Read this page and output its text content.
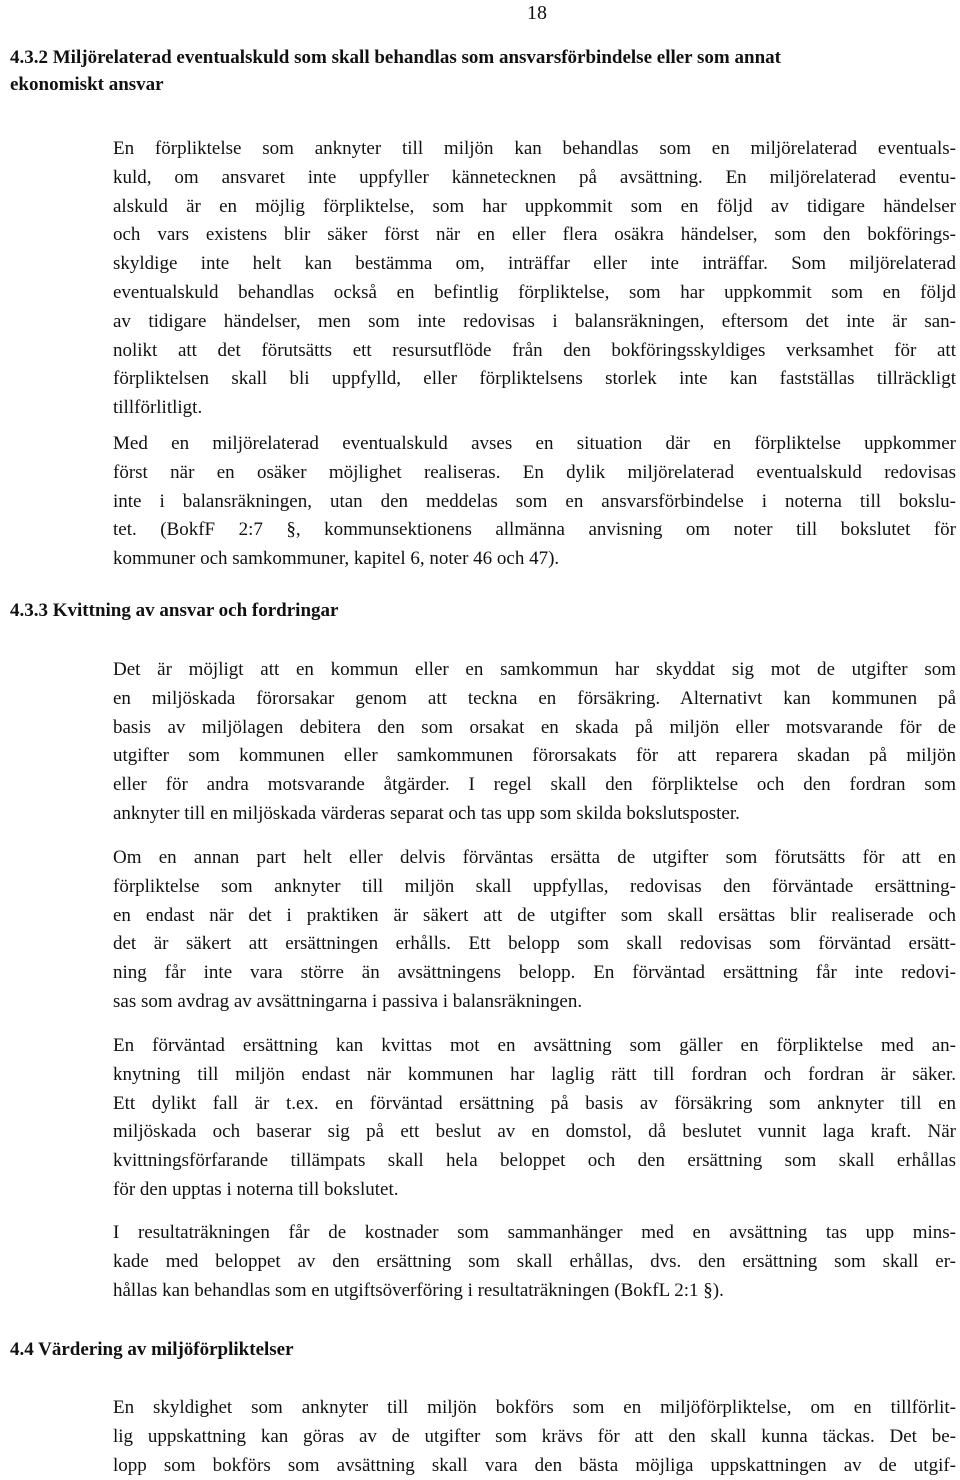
18
4.3.2 Miljörelaterad eventualskuld som skall behandlas som ansvarsförbindelse eller som annat
ekonomiskt ansvar
En förpliktelse som anknyter till miljön kan behandlas som en miljörelaterad eventuals-
kuld, om ansvaret inte uppfyller kännetecknen på avsättning. En miljörelaterad eventu-
alskuld är en möjlig förpliktelse, som har uppkommit som en följd av tidigare händelser
och vars existens blir säker först när en eller flera osäkra händelser, som den bokförings-
skyldige inte helt kan bestämma om, inträffar eller inte inträffar. Som miljörelaterad
eventualskuld behandlas också en befintlig förpliktelse, som har uppkommit som en följd
av tidigare händelser, men som inte redovisas i balansräkningen, eftersom det inte är san-
nolikt att det förutsätts ett resursutflöde från den bokföringsskyldiges verksamhet för att
förpliktelsen skall bli uppfylld, eller förpliktelsens storlek inte kan fastställas tillräckligt
tillförlitligt.
Med en miljörelaterad eventualskuld avses en situation där en förpliktelse uppkommer
först när en osäker möjlighet realiseras. En dylik miljörelaterad eventualskuld redovisas
inte i balansräkningen, utan den meddelas som en ansvarsförbindelse i noterna till bokslu-
tet. (BokfF 2:7 §, kommunsektionens allmänna anvisning om noter till bokslutet för
kommuner och samkommuner, kapitel 6, noter 46 och 47).
4.3.3 Kvittning av ansvar och fordringar
Det är möjligt att en kommun eller en samkommun har skyddat sig mot de utgifter som
en miljöskada förorsakar genom att teckna en försäkring. Alternativt kan kommunen på
basis av miljölagen debitera den som orsakat en skada på miljön eller motsvarande för de
utgifter som kommunen eller samkommunen förorsakats för att reparera skadan på miljön
eller för andra motsvarande åtgärder. I regel skall den förpliktelse och den fordran som
anknyter till en miljöskada värderas separat och tas upp som skilda bokslutsposter.
Om en annan part helt eller delvis förväntas ersätta de utgifter som förutsätts för att en
förpliktelse som anknyter till miljön skall uppfyllas, redovisas den förväntade ersättning-
en endast när det i praktiken är säkert att de utgifter som skall ersättas blir realiserade och
det är säkert att ersättningen erhålls. Ett belopp som skall redovisas som förväntad ersätt-
ning får inte vara större än avsättningens belopp. En förväntad ersättning får inte redovi-
sas som avdrag av avsättningarna i passiva i balansräkningen.
En förväntad ersättning kan kvittas mot en avsättning som gäller en förpliktelse med an-
knytning till miljön endast när kommunen har laglig rätt till fordran och fordran är säker.
Ett dylikt fall är t.ex. en förväntad ersättning på basis av försäkring som anknyter till en
miljöskada och baserar sig på ett beslut av en domstol, då beslutet vunnit laga kraft. När
kvittningsförfarande tillämpats skall hela beloppet och den ersättning som skall erhållas
för den upptas i noterna till bokslutet.
I resultaträkningen får de kostnader som sammanhänger med en avsättning tas upp mins-
kade med beloppet av den ersättning som skall erhållas, dvs. den ersättning som skall er-
hållas kan behandlas som en utgiftsöverföring i resultaträkningen (BokfL 2:1 §).
4.4 Värdering av miljöförpliktelser
En skyldighet som anknyter till miljön bokförs som en miljöförpliktelse, om en tillförlit-
lig uppskattning kan göras av de utgifter som krävs för att den skall kunna täckas. Det be-
lopp som bokförs som avsättning skall vara den bästa möjliga uppskattningen av de utgif-
